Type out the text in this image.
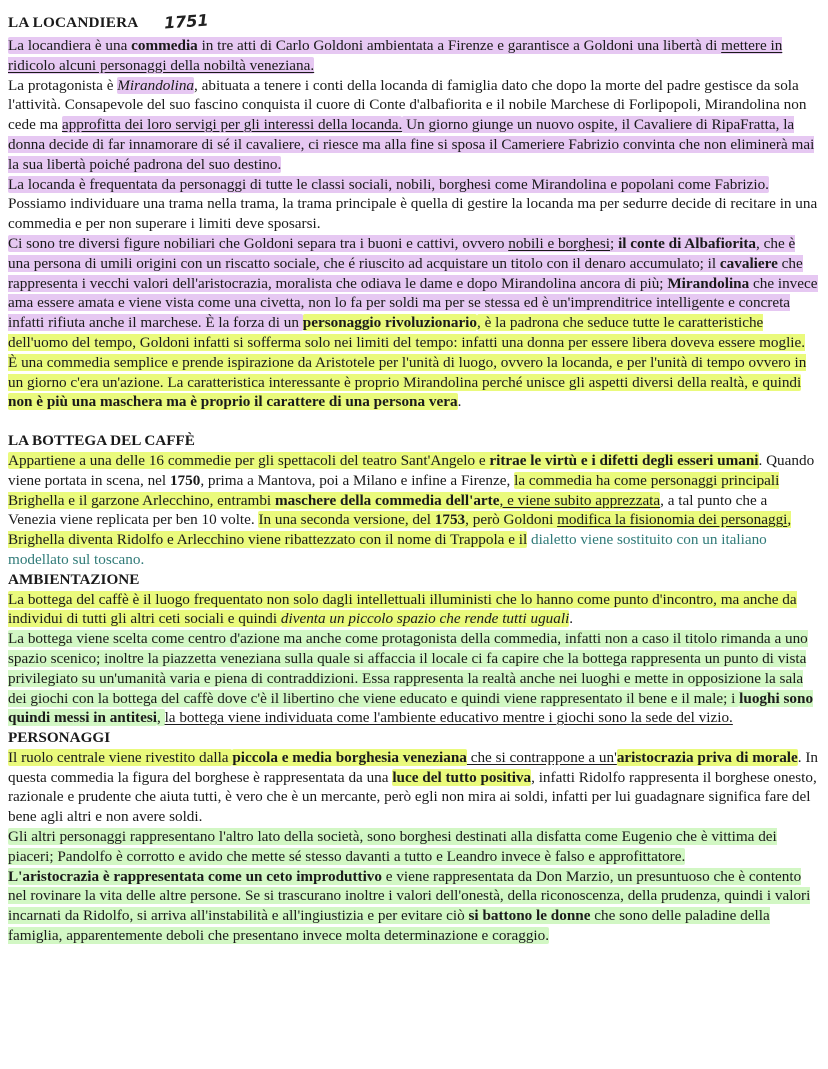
LA LOCANDIERA 1751

La locandiera è una commedia in tre atti di Carlo Goldoni ambientata a Firenze e garantisce a Goldoni una libertà di mettere in ridicolo alcuni personaggi della nobiltà veneziana.

La protagonista è Mirandolina, abituata a tenere i conti della locanda di famiglia dato che dopo la morte del padre gestisce da sola l'attività. Consapevole del suo fascino conquista il cuore di Conte d'albafiorita e il nobile Marchese di Forlipopoli, Mirandolina non cede ma approfitta dei loro servigi per gli interessi della locanda. Un giorno giunge un nuovo ospite, il Cavaliere di RipaFratta, la donna decide di far innamorare di sé il cavaliere, ci riesce ma alla fine si sposa il Cameriere Fabrizio convinta che non eliminerà mai la sua libertà poiché padrona del suo destino.

La locanda è frequentata da personaggi di tutte le classi sociali, nobili, borghesi come Mirandolina e popolani come Fabrizio.

Possiamo individuare una trama nella trama, la trama principale è quella di gestire la locanda ma per sedurre decide di recitare in una commedia e per non superare i limiti deve sposarsi.

Ci sono tre diversi figure nobiliari che Goldoni separa tra i buoni e cattivi, ovvero nobili e borghesi; il conte di Albafiorita, che è una persona di umili origini con un riscatto sociale, che é riuscito ad acquistare un titolo con il denaro accumulato; il cavaliere che rappresenta i vecchi valori dell'aristocrazia, moralista che odiava le dame e dopo Mirandolina ancora di più; Mirandolina che invece ama essere amata e viene vista come una civetta, non lo fa per soldi ma per se stessa ed è un'imprenditrice intelligente e concreta infatti rifiuta anche il marchese. È la forza di un personaggio rivoluzionario, è la padrona che seduce tutte le caratteristiche dell'uomo del tempo, Goldoni infatti si sofferma solo nei limiti del tempo: infatti una donna per essere libera doveva essere moglie. È una commedia semplice e prende ispirazione da Aristotele per l'unità di luogo, ovvero la locanda, e per l'unità di tempo ovvero in un giorno c'era un'azione. La caratteristica interessante è proprio Mirandolina perché unisce gli aspetti diversi della realtà, e quindi non è più una maschera ma è proprio il carattere di una persona vera.

LA BOTTEGA DEL CAFFÈ

Appartiene a una delle 16 commedie per gli spettacoli del teatro Sant'Angelo e ritrae le virtù e i difetti degli esseri umani. Quando viene portata in scena, nel 1750, prima a Mantova, poi a Milano e infine a Firenze, la commedia ha come personaggi principali Brighella e il garzone Arlecchino, entrambi maschere della commedia dell'arte, e viene subito apprezzata, a tal punto che a Venezia viene replicata per ben 10 volte. In una seconda versione, del 1753, però Goldoni modifica la fisionomia dei personaggi, Brighella diventa Ridolfo e Arlecchino viene ribattezzato con il nome di Trappola e il dialetto viene sostituito con un italiano modellato sul toscano.

AMBIENTAZIONE

La bottega del caffè è il luogo frequentato non solo dagli intellettuali illuministi che lo hanno come punto d'incontro, ma anche da individui di tutti gli altri ceti sociali e quindi diventa un piccolo spazio che rende tutti uguali.

La bottega viene scelta come centro d'azione ma anche come protagonista della commedia, infatti non a caso il titolo rimanda a uno spazio scenico; inoltre la piazzetta veneziana sulla quale si affaccia il locale ci fa capire che la bottega rappresenta un punto di vista privilegiato su un'umanità varia e piena di contraddizioni. Essa rappresenta la realtà anche nei luoghi e mette in opposizione la sala dei giochi con la bottega del caffè dove c'è il libertino che viene educato e quindi viene rappresentato il bene e il male; i luoghi sono quindi messi in antitesi, la bottega viene individuata come l'ambiente educativo mentre i giochi sono la sede del vizio.

PERSONAGGI

Il ruolo centrale viene rivestito dalla piccola e media borghesia veneziana che si contrappone a un'aristocrazia priva di morale. In questa commedia la figura del borghese è rappresentata da una luce del tutto positiva, infatti Ridolfo rappresenta il borghese onesto, razionale e prudente che aiuta tutti, è vero che è un mercante, però egli non mira ai soldi, infatti per lui guadagnare significa fare del bene agli altri e non avere soldi.

Gli altri personaggi rappresentano l'altro lato della società, sono borghesi destinati alla disfatta come Eugenio che è vittima dei piaceri; Pandolfo è corrotto e avido che mette sé stesso davanti a tutto e Leandro invece è falso e approfittatore.

L'aristocrazia è rappresentata come un ceto improduttivo e viene rappresentata da Don Marzio, un presuntuoso che è contento nel rovinare la vita delle altre persone. Se si trascurano inoltre i valori dell'onestà, della riconoscenza, della prudenza, quindi i valori incarnati da Ridolfo, si arriva all'instabilità e all'ingiustizia e per evitare ciò si battono le donne che sono delle paladine della famiglia, apparentemente deboli che presentano invece molta determinazione e coraggio.
